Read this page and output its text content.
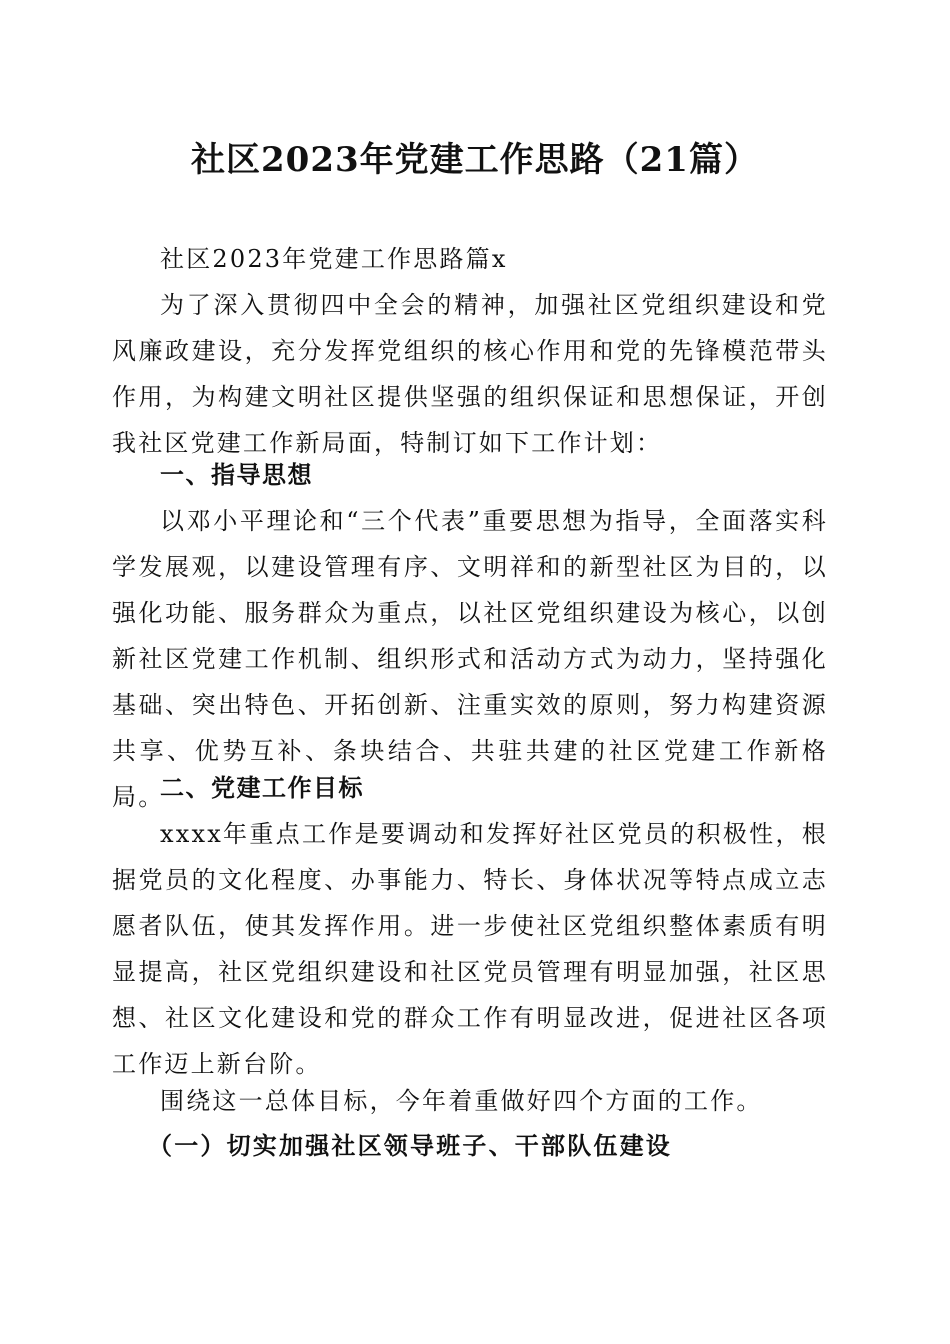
社区2023年党建工作思路（21篇）

社区2023年党建工作思路篇x

为了深入贯彻四中全会的精神，加强社区党组织建设和党风廉政建设，充分发挥党组织的核心作用和党的先锋模范带头作用，为构建文明社区提供坚强的组织保证和思想保证，开创我社区党建工作新局面，特制订如下工作计划：

一、指导思想

以邓小平理论和“三个代表”重要思想为指导，全面落实科学发展观，以建设管理有序、文明祥和的新型社区为目的，以强化功能、服务群众为重点，以社区党组织建设为核心，以创新社区党建工作机制、组织形式和活动方式为动力，坚持强化基础、突出特色、开拓创新、注重实效的原则，努力构建资源共享、优势互补、条块结合、共驻共建的社区党建工作新格局。

二、党建工作目标

xxxx年重点工作是要调动和发挥好社区党员的积极性，根据党员的文化程度、办事能力、特长、身体状况等特点成立志愿者队伍，使其发挥作用。进一步使社区党组织整体素质有明显提高，社区党组织建设和社区党员管理有明显加强，社区思想、社区文化建设和党的群众工作有明显改进，促进社区各项工作迈上新台阶。

围绕这一总体目标，今年着重做好四个方面的工作。

（一）切实加强社区领导班子、干部队伍建设
